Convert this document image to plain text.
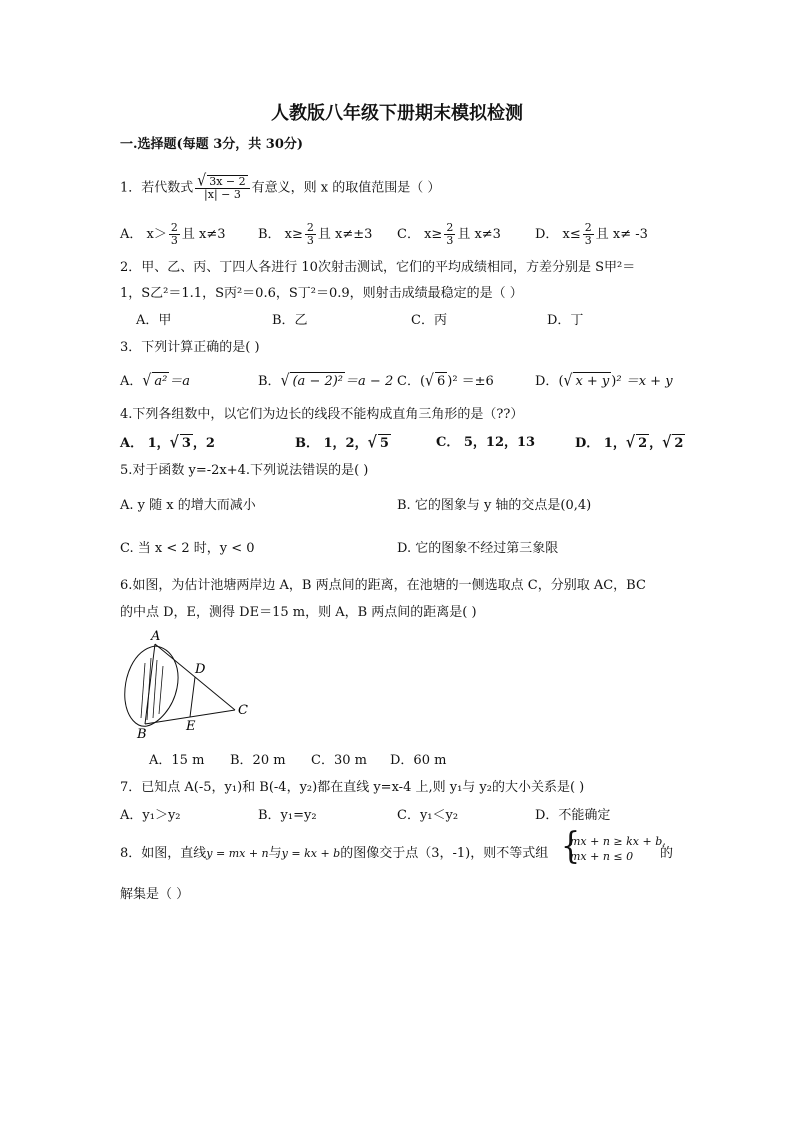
人教版八年级下册期末模拟检测
一.选择题(每题 3分，共 30分)
1．若代数式 $\frac{√ 3x - 2}{|x| - 3}$ 有意义，则 x 的取值范围是（ ）
A． $x> \frac{2}{3}$ 且 x≠3	B． $x\ge \frac{2}{3}$ 且 x≠±3 C． $x\ge \frac{2}{3}$ 且 x≠3	D． $x\le \frac{2}{3}$ 且 x≠ -3
2．甲、乙、丙、丁四人各进行 10次射击测试，它们的平均成绩相同，方差分别是 S甲²＝
1，S乙²＝1.1，S丙²＝0.6，S丁²＝0.9，则射击成绩最稳定的是（ ）
A．甲	B．乙	C．丙	D．丁
3．下列计算正确的是( )
A．√ a² ＝a	B．√ (a − 2)² ＝a − 2 C．(√ 6 )² ＝±6	D．(√ x + y )² ＝x + y
4.下列各组数中，以它们为边长的线段不能构成直角三角形的是（??）
A． 1，√ 3 ，2	B． 1，2，√ 5	C． 5，12，13	D． 1，√ 2 ，√ 2
5.对于函数 y=-2x+4.下列说法错误的是( )
A. y 随 x 的增大而减小	B. 它的图象与 y 轴的交点是(0,4)
C. 当 x < 2 时，y < 0	D. 它的图象不经过第三象限
6.如图，为估计池塘两岸边 A，B 两点间的距离，在池塘的一侧选取点 C，分别取 AC，BC
的中点 D，E，测得 DE＝15 m，则 A，B 两点间的距离是( )
A
B
C
D
E
A．15 m B．20 m C．30 m D．60 m
7．已知点 A(-5，y₁)和 B(-4，y₂)都在直线 y=x-4 上,则 y₁与 y₂的大小关系是( )
A．y₁＞y₂	B．y₁=y₂	C．y₁＜y₂	D．不能确定
8．如图，直线y = mx + n与y = kx + b的图像交于点（3，-1)，则不等式组 {
mx + n ≥ kx + b,
mx + n ≤ 0	的
解集是（ ）
